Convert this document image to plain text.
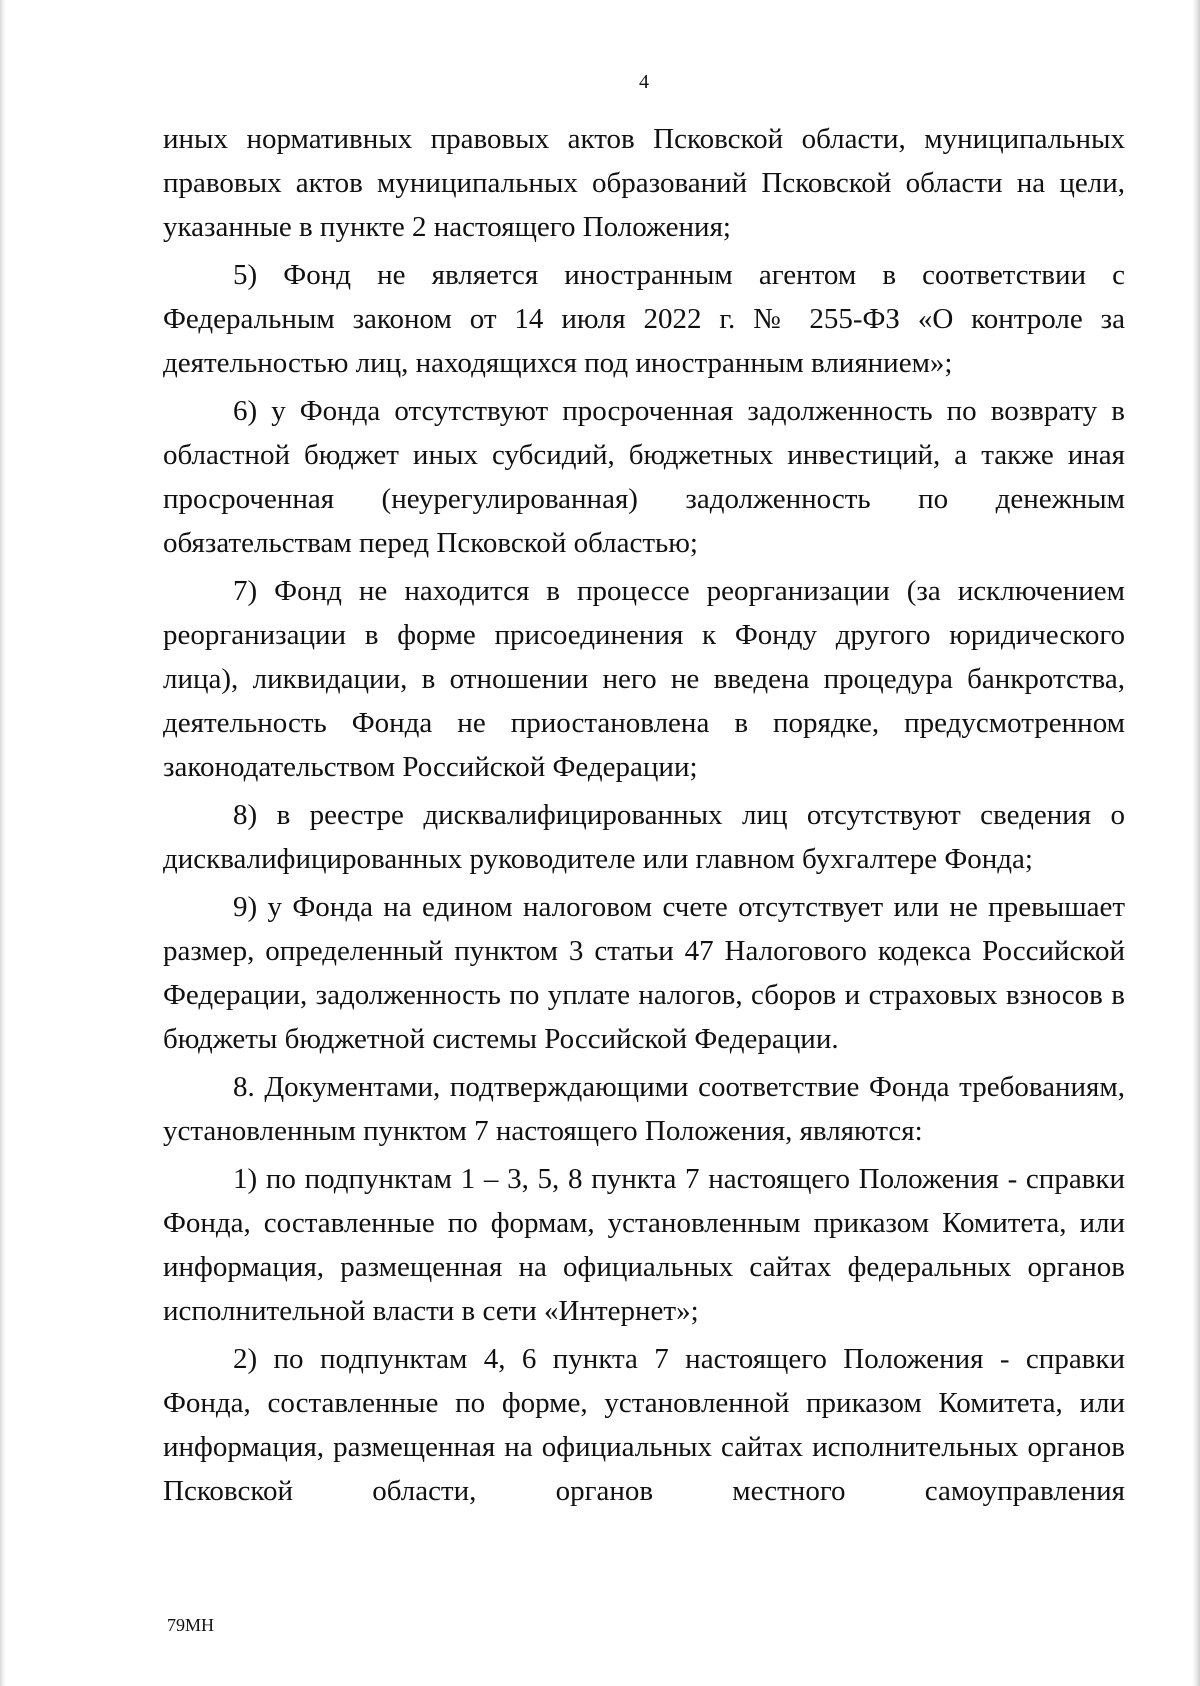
4

иных нормативных правовых актов Псковской области, муниципальных правовых актов муниципальных образований Псковской области на цели, указанные в пункте 2 настоящего Положения;

5) Фонд не является иностранным агентом в соответствии с Федеральным законом от 14 июля 2022 г. № 255-ФЗ «О контроле за деятельностью лиц, находящихся под иностранным влиянием»;

6) у Фонда отсутствуют просроченная задолженность по возврату в областной бюджет иных субсидий, бюджетных инвестиций, а также иная просроченная (неурегулированная) задолженность по денежным обязательствам перед Псковской областью;

7) Фонд не находится в процессе реорганизации (за исключением реорганизации в форме присоединения к Фонду другого юридического лица), ликвидации, в отношении него не введена процедура банкротства, деятельность Фонда не приостановлена в порядке, предусмотренном законодательством Российской Федерации;

8) в реестре дисквалифицированных лиц отсутствуют сведения о дисквалифицированных руководителе или главном бухгалтере Фонда;

9) у Фонда на едином налоговом счете отсутствует или не превышает размер, определенный пунктом 3 статьи 47 Налогового кодекса Российской Федерации, задолженность по уплате налогов, сборов и страховых взносов в бюджеты бюджетной системы Российской Федерации.

8. Документами, подтверждающими соответствие Фонда требованиям, установленным пунктом 7 настоящего Положения, являются:

1) по подпунктам 1 – 3, 5, 8 пункта 7 настоящего Положения - справки Фонда, составленные по формам, установленным приказом Комитета, или информация, размещенная на официальных сайтах федеральных органов исполнительной власти в сети «Интернет»;

2) по подпунктам 4, 6 пункта 7 настоящего Положения - справки Фонда, составленные по форме, установленной приказом Комитета, или информация, размещенная на официальных сайтах исполнительных органов Псковской области, органов местного самоуправления

79МН
